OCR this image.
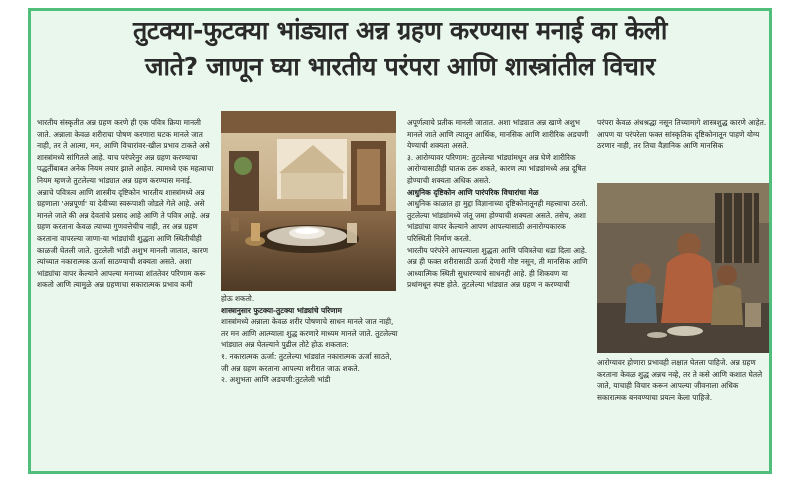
तुटक्या-फुटक्या भांड्यात अन्न ग्रहण करण्यास मनाई का केली
जाते? जाणून घ्या भारतीय परंपरा आणि शास्त्रांतील विचार

भारतीय संस्कृतीत अन्न ग्रहण करणे ही एक पवित्र क्रिया मानली जाते. अन्नाला केवळ शरीराचा पोषण करणारा घटक मानले जात नाही, तर ते आत्मा, मन, आणि विचारांवर-खील प्रभाव टाकते असे शास्त्रांमध्ये सांगितले आहे. याच परंपरेनुर अन्न ग्रहण करण्याचा पद्धतींबाबत अनेक नियम तयार झाले आहेत. त्यामध्ये एक महत्वाचा नियम म्हणजे तुटलेल्या भांड्यात अन्न ग्रहण करण्यास मनाई.

अन्नाचे पवित्रत्व आणि शास्त्रीय दृष्टिकोन भारतीय शास्त्रांमध्ये अन्न ग्रहणाला 'अन्नपूर्णा' या देवीच्या स्वरूपाशी जोडले गेले आहे. असे मानले जाते की अन्न देवतांचे प्रसाद आहे आणि ते पवित्र आहे. अन्न ग्रहण करताना केवळ त्याच्या गुणवत्तेचीच नाही, तर अन्न ग्रहण करताना वापरल्या जाणा-या भांड्यांची शुद्धता आणि स्थितीचीही काळजी घेतली जाते. तुटलेली भांडी अशुभ मानली जातात, कारण त्यांच्यात नकारात्मक ऊर्जा साठण्याची शक्यता असते. अशा भांड्यांचा वापर केल्याने आपल्या मनाच्या शांततेवर परिणाम करू शकतो आणि त्यामुळे अन्न ग्रहणाचा सकारात्मक प्रभाव कमी

होऊ शकतो.

शास्त्रानुसार फुटक्या-तुटक्या भांड्यांचे परिणाम

शास्त्रांमध्ये अन्नाला केवळ शरीर पोषणाचे साधन मानले जात नाही, तर मन आणि आत्म्याला शुद्ध करणारे माध्यम मानले जाते. तुटलेल्या भांड्यात अन्न घेतल्याने पुढील तोटे होऊ शकतात:

१. नकारात्मक ऊर्जा: तुटलेल्या भांड्यांत नकारात्मक ऊर्जा साठते, जी अन्न ग्रहण करताना आपल्या शरीरात जाऊ शकते.

२. अशुभता आणि अडचणी:तुटलेली भांडी

अपूर्णत्वाचे प्रतीक मानली जातात. अशा भांड्यात अन्न खाणे अशुभ मानले जाते आणि त्यातून आर्थिक, मानसिक आणि शारीरिक अडचणी येण्याची शक्यता असते.

३. आरोग्यावर परिणाम: तुटलेल्या भांड्यांमधून अन्न घेणे शारीरिक आरोग्यासाठीही घातक ठरू शकते, कारण त्या भांड्यांमध्ये अन्न दूषित होण्याची शक्यता अधिक असते.

आधुनिक दृष्टिकोन आणि पारंपरिक विचारांचा मेळ

आधुनिक काळात हा मुद्दा विज्ञानाच्या दृष्टिकोनातूनही महत्त्वाचा ठरतो. तुटलेल्या भांड्यांमध्ये जंतू जमा होण्याची शक्यता असते. तसेच, अशा भांड्यांचा वापर केल्याने आपण आपल्यासाठी अनारोग्यकारक परिस्थिती निर्माण करतो.

भारतीय परंपरेने आपल्याला शुद्धता आणि पवित्रतेचा धडा दिला आहे. अन्न ही फक्त शरीरासाठी ऊर्जा देणारी गोष्ट नसून, ती मानसिक आणि आध्यात्मिक स्थिती सुधारण्याचे साधनही आहे. ही शिकवण या प्रथांमधून स्पष्ट होते. तुटलेल्या भांड्यात अन्न ग्रहण न करण्याची

परंपरा केवळ अंधश्रद्धा नसून तिच्यामागे शास्त्रशुद्ध कारणे आहेत. आपण या परंपरेला फक्त सांस्कृतिक दृष्टिकोनातून पाहणे योग्य ठरणार नाही, तर तिचा वैज्ञानिक आणि मानसिक

आरोग्यावर होणारा प्रभावही लक्षात घेतला पाहिजे. अन्न ग्रहण करताना केवळ शुद्ध अन्नच नव्हे, तर ते कसे आणि कशात घेतले जाते, याचाही विचार करून आपल्या जीवनाला अधिक सकारात्मक बनवण्याचा प्रयत्न केला पाहिजे.
